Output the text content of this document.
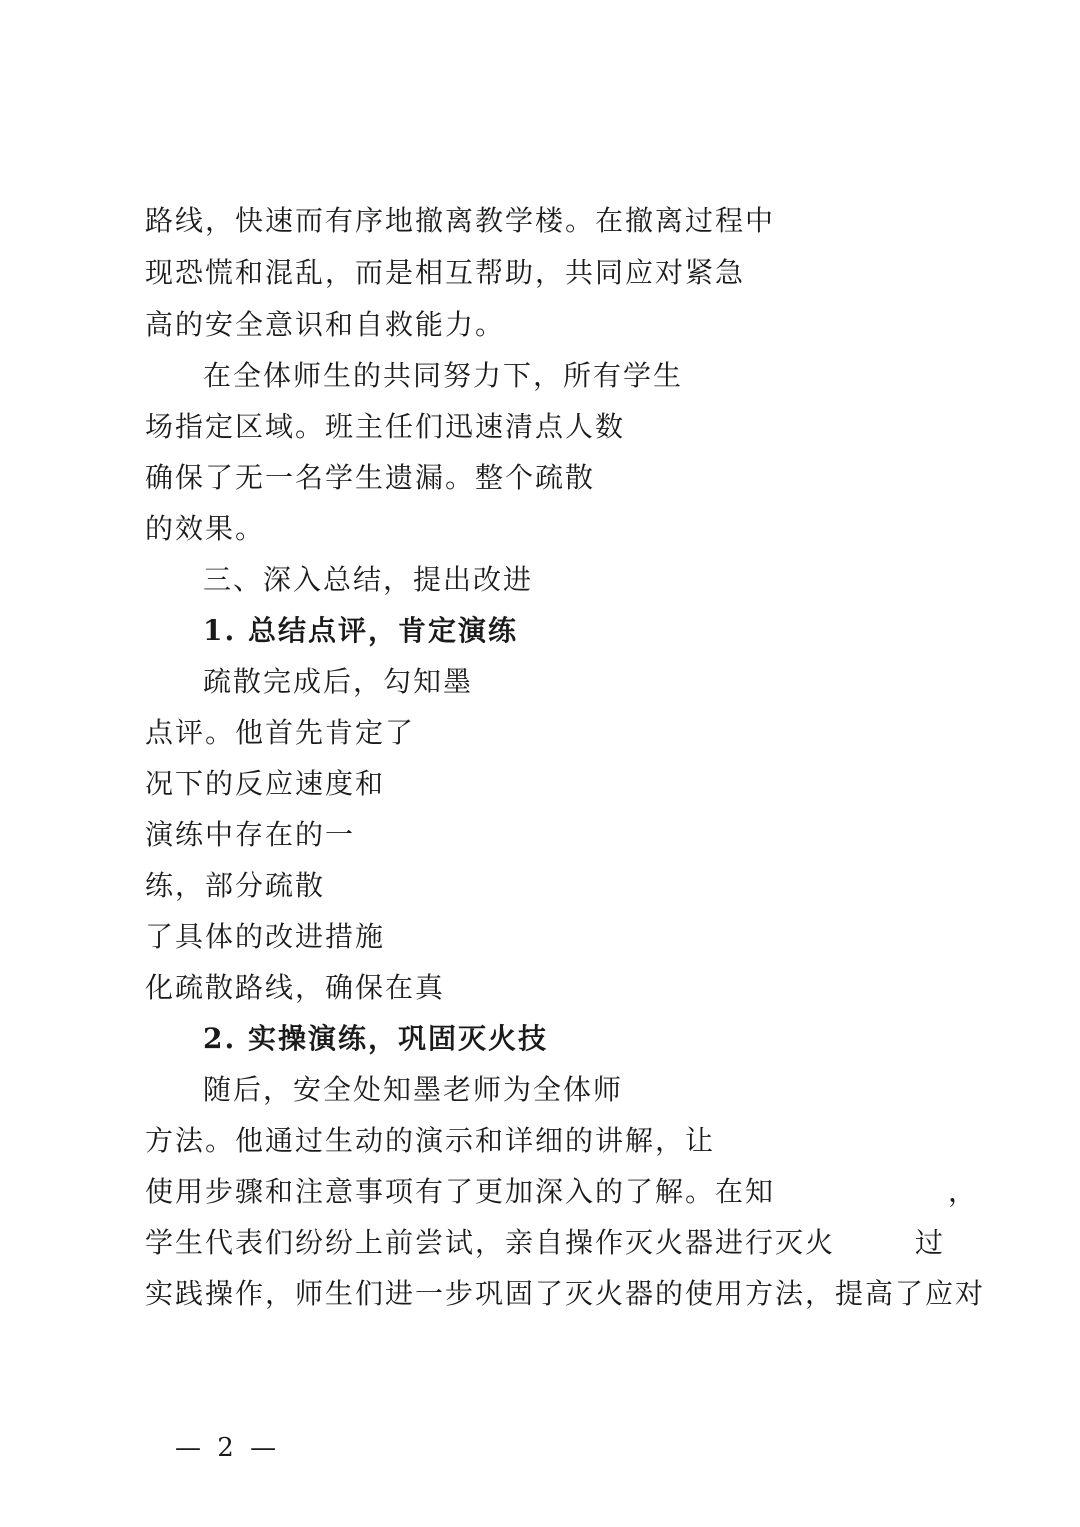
路线，快速而有序地撤离教学楼。在撤离过程中
现恐慌和混乱，而是相互帮助，共同应对紧急
高的安全意识和自救能力。
在全体师生的共同努力下，所有学生
场指定区域。班主任们迅速清点人数
确保了无一名学生遗漏。整个疏散
的效果。
三、深入总结，提出改进
1. 总结点评，肯定演练
疏散完成后，勾知墨
点评。他首先肯定了
况下的反应速度和
演练中存在的一
练，部分疏散
了具体的改进措施
化疏散路线，确保在真
2. 实操演练，巩固灭火技
随后，安全处知墨老师为全体师
方法。他通过生动的演示和详细的讲解，让
使用步骤和注意事项有了更加深入的了解。在知	，
学生代表们纷纷上前尝试，亲自操作灭火器进行灭火	过
实践操作，师生们进一步巩固了灭火器的使用方法，提高了应对
— 2 —
